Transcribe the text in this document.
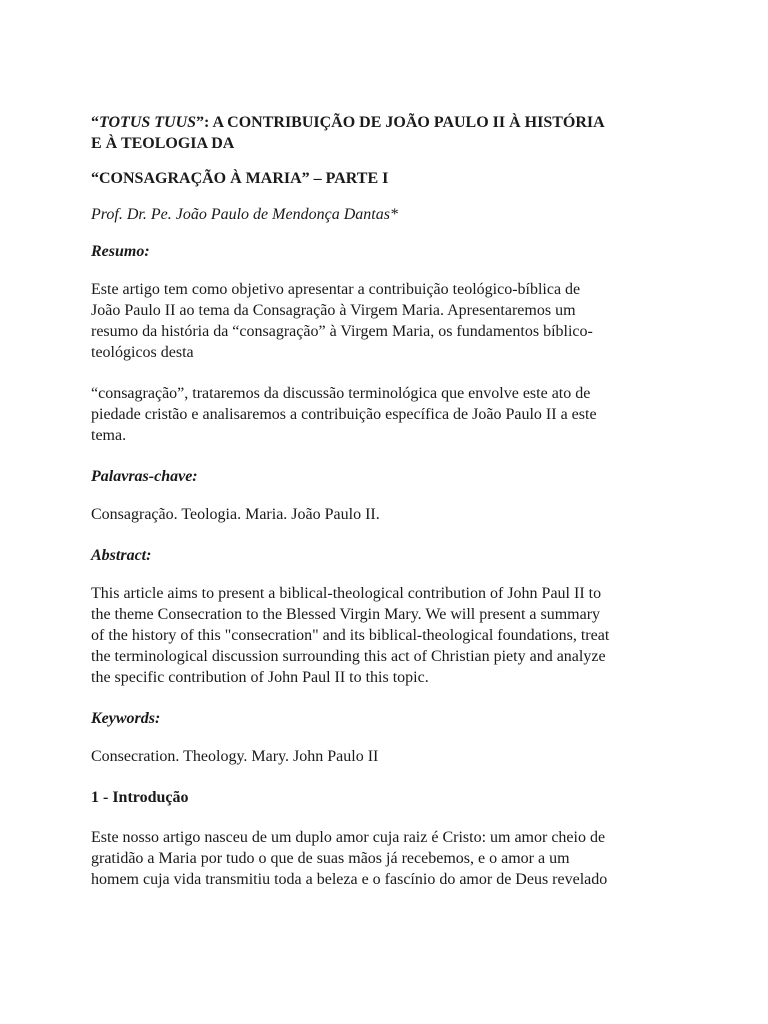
“TOTUS TUUS”: A CONTRIBUIÇÃO DE JOÃO PAULO II À HISTÓRIA
E À TEOLOGIA DA

“CONSAGRAÇÃO À MARIA” – PARTE I

Prof. Dr. Pe. João Paulo de Mendonça Dantas*

Resumo:

Este artigo tem como objetivo apresentar a contribuição teológico-bíblica de
João Paulo II ao tema da Consagração à Virgem Maria. Apresentaremos um
resumo da história da “consagração” à Virgem Maria, os fundamentos bíblico-
teológicos desta

“consagração”, trataremos da discussão terminológica que envolve este ato de
piedade cristão e analisaremos a contribuição específica de João Paulo II a este
tema.

Palavras-chave:

Consagração. Teologia. Maria. João Paulo II.

Abstract:

This article aims to present a biblical-theological contribution of John Paul II to
the theme Consecration to the Blessed Virgin Mary. We will present a summary
of the history of this "consecration" and its biblical-theological foundations, treat
the terminological discussion surrounding this act of Christian piety and analyze
the specific contribution of John Paul II to this topic.

Keywords:

Consecration. Theology. Mary. John Paulo II

1 - Introdução

Este nosso artigo nasceu de um duplo amor cuja raiz é Cristo: um amor cheio de
gratidão a Maria por tudo o que de suas mãos já recebemos, e o amor a um
homem cuja vida transmitiu toda a beleza e o fascínio do amor de Deus revelado
